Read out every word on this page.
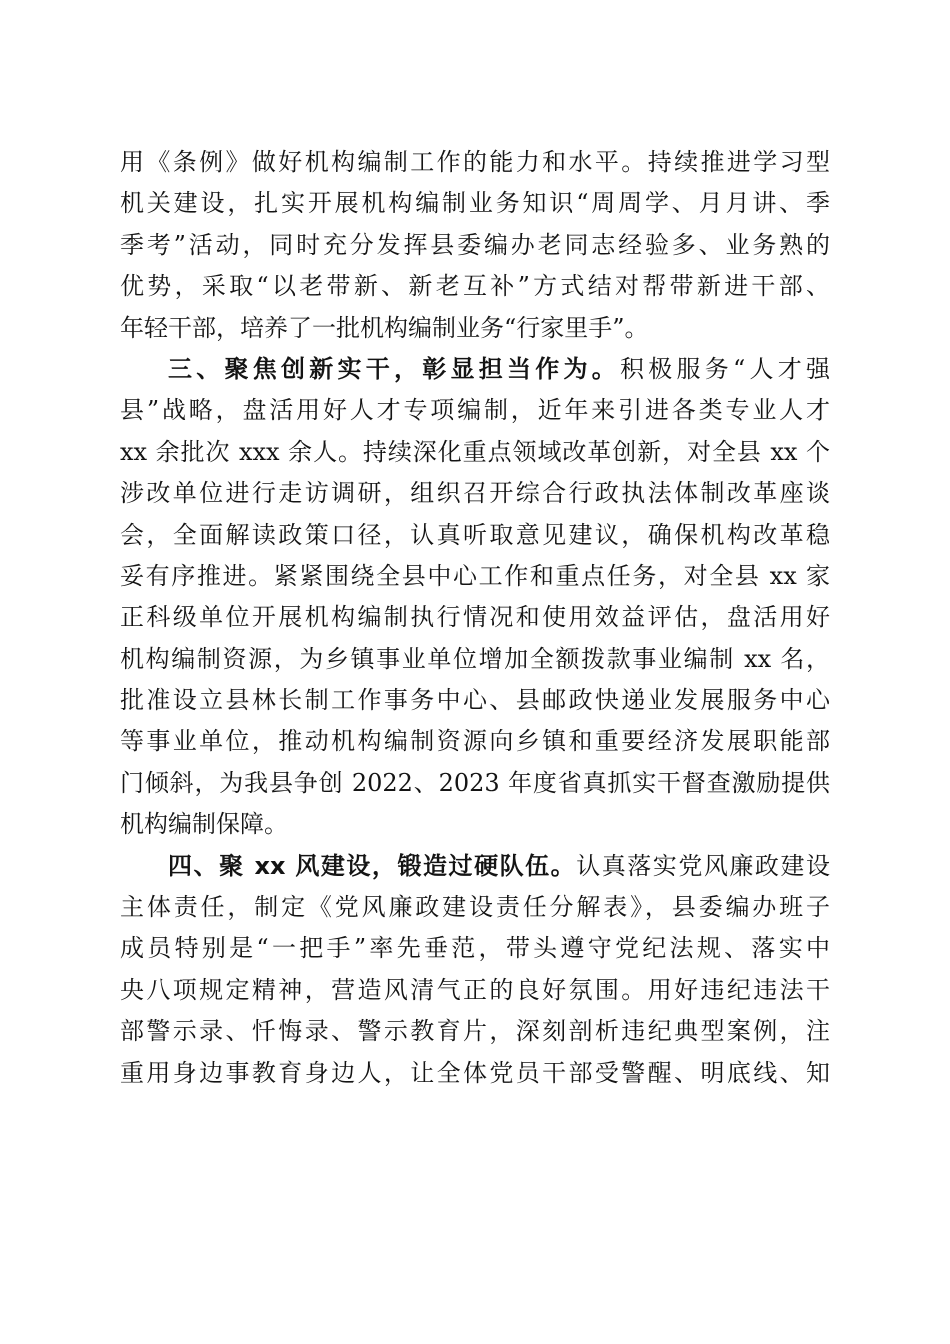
用《条例》做好机构编制工作的能力和水平。持续推进学习型
机关建设，扎实开展机构编制业务知识“周周学、月月讲、季
季考”活动，同时充分发挥县委编办老同志经验多、业务熟的
优势，采取“以老带新、新老互补”方式结对帮带新进干部、
年轻干部，培养了一批机构编制业务“行家里手”。
三、聚焦创新实干，彰显担当作为。积极服务“人才强
县”战略，盘活用好人才专项编制，近年来引进各类专业人才
xx 余批次 xxx 余人。持续深化重点领域改革创新，对全县 xx 个
涉改单位进行走访调研，组织召开综合行政执法体制改革座谈
会，全面解读政策口径，认真听取意见建议，确保机构改革稳
妥有序推进。紧紧围绕全县中心工作和重点任务，对全县 xx 家
正科级单位开展机构编制执行情况和使用效益评估，盘活用好
机构编制资源，为乡镇事业单位增加全额拨款事业编制 xx 名，
批准设立县林长制工作事务中心、县邮政快递业发展服务中心
等事业单位，推动机构编制资源向乡镇和重要经济发展职能部
门倾斜，为我县争创 2022、2023 年度省真抓实干督查激励提供
机构编制保障。
四、聚 xx 风建设，锻造过硬队伍。认真落实党风廉政建设
主体责任，制定《党风廉政建设责任分解表》，县委编办班子
成员特别是“一把手”率先垂范，带头遵守党纪法规、落实中
央八项规定精神，营造风清气正的良好氛围。用好违纪违法干
部警示录、忏悔录、警示教育片，深刻剖析违纪典型案例，注
重用身边事教育身边人，让全体党员干部受警醒、明底线、知
